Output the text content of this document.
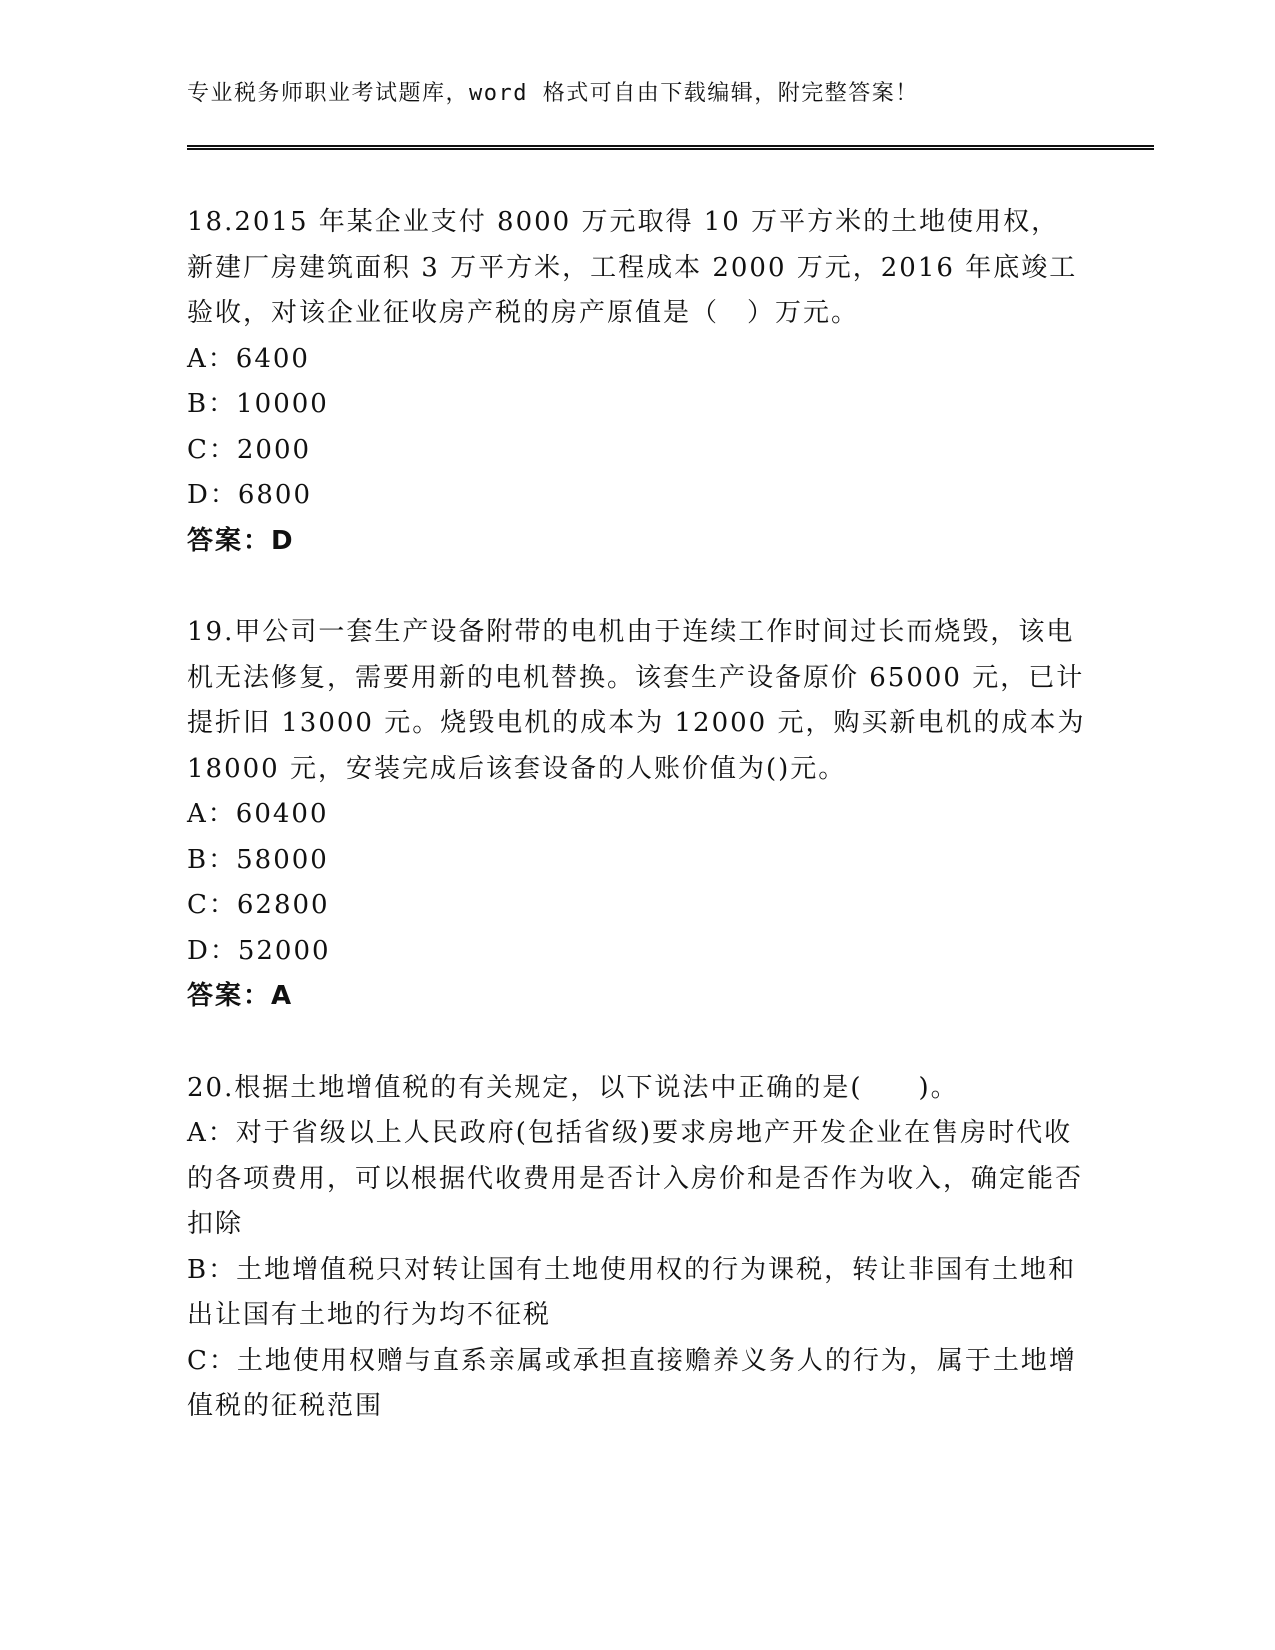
专业税务师职业考试题库，word 格式可自由下载编辑，附完整答案！

18.2015 年某企业支付 8000 万元取得 10 万平方米的土地使用权，新建厂房建筑面积 3 万平方米，工程成本 2000 万元，2016 年底竣工验收，对该企业征收房产税的房产原值是（　）万元。

A：6400

B：10000

C：2000

D：6800

答案：D

19.甲公司一套生产设备附带的电机由于连续工作时间过长而烧毁，该电机无法修复，需要用新的电机替换。该套生产设备原价 65000 元，已计提折旧 13000 元。烧毁电机的成本为 12000 元，购买新电机的成本为 18000 元，安装完成后该套设备的人账价值为()元。

A：60400

B：58000

C：62800

D：52000

答案：A

20.根据土地增值税的有关规定，以下说法中正确的是(　　)。

A：对于省级以上人民政府(包括省级)要求房地产开发企业在售房时代收的各项费用，可以根据代收费用是否计入房价和是否作为收入，确定能否扣除

B：土地增值税只对转让国有土地使用权的行为课税，转让非国有土地和出让国有土地的行为均不征税

C：土地使用权赠与直系亲属或承担直接赡养义务人的行为，属于土地增值税的征税范围
